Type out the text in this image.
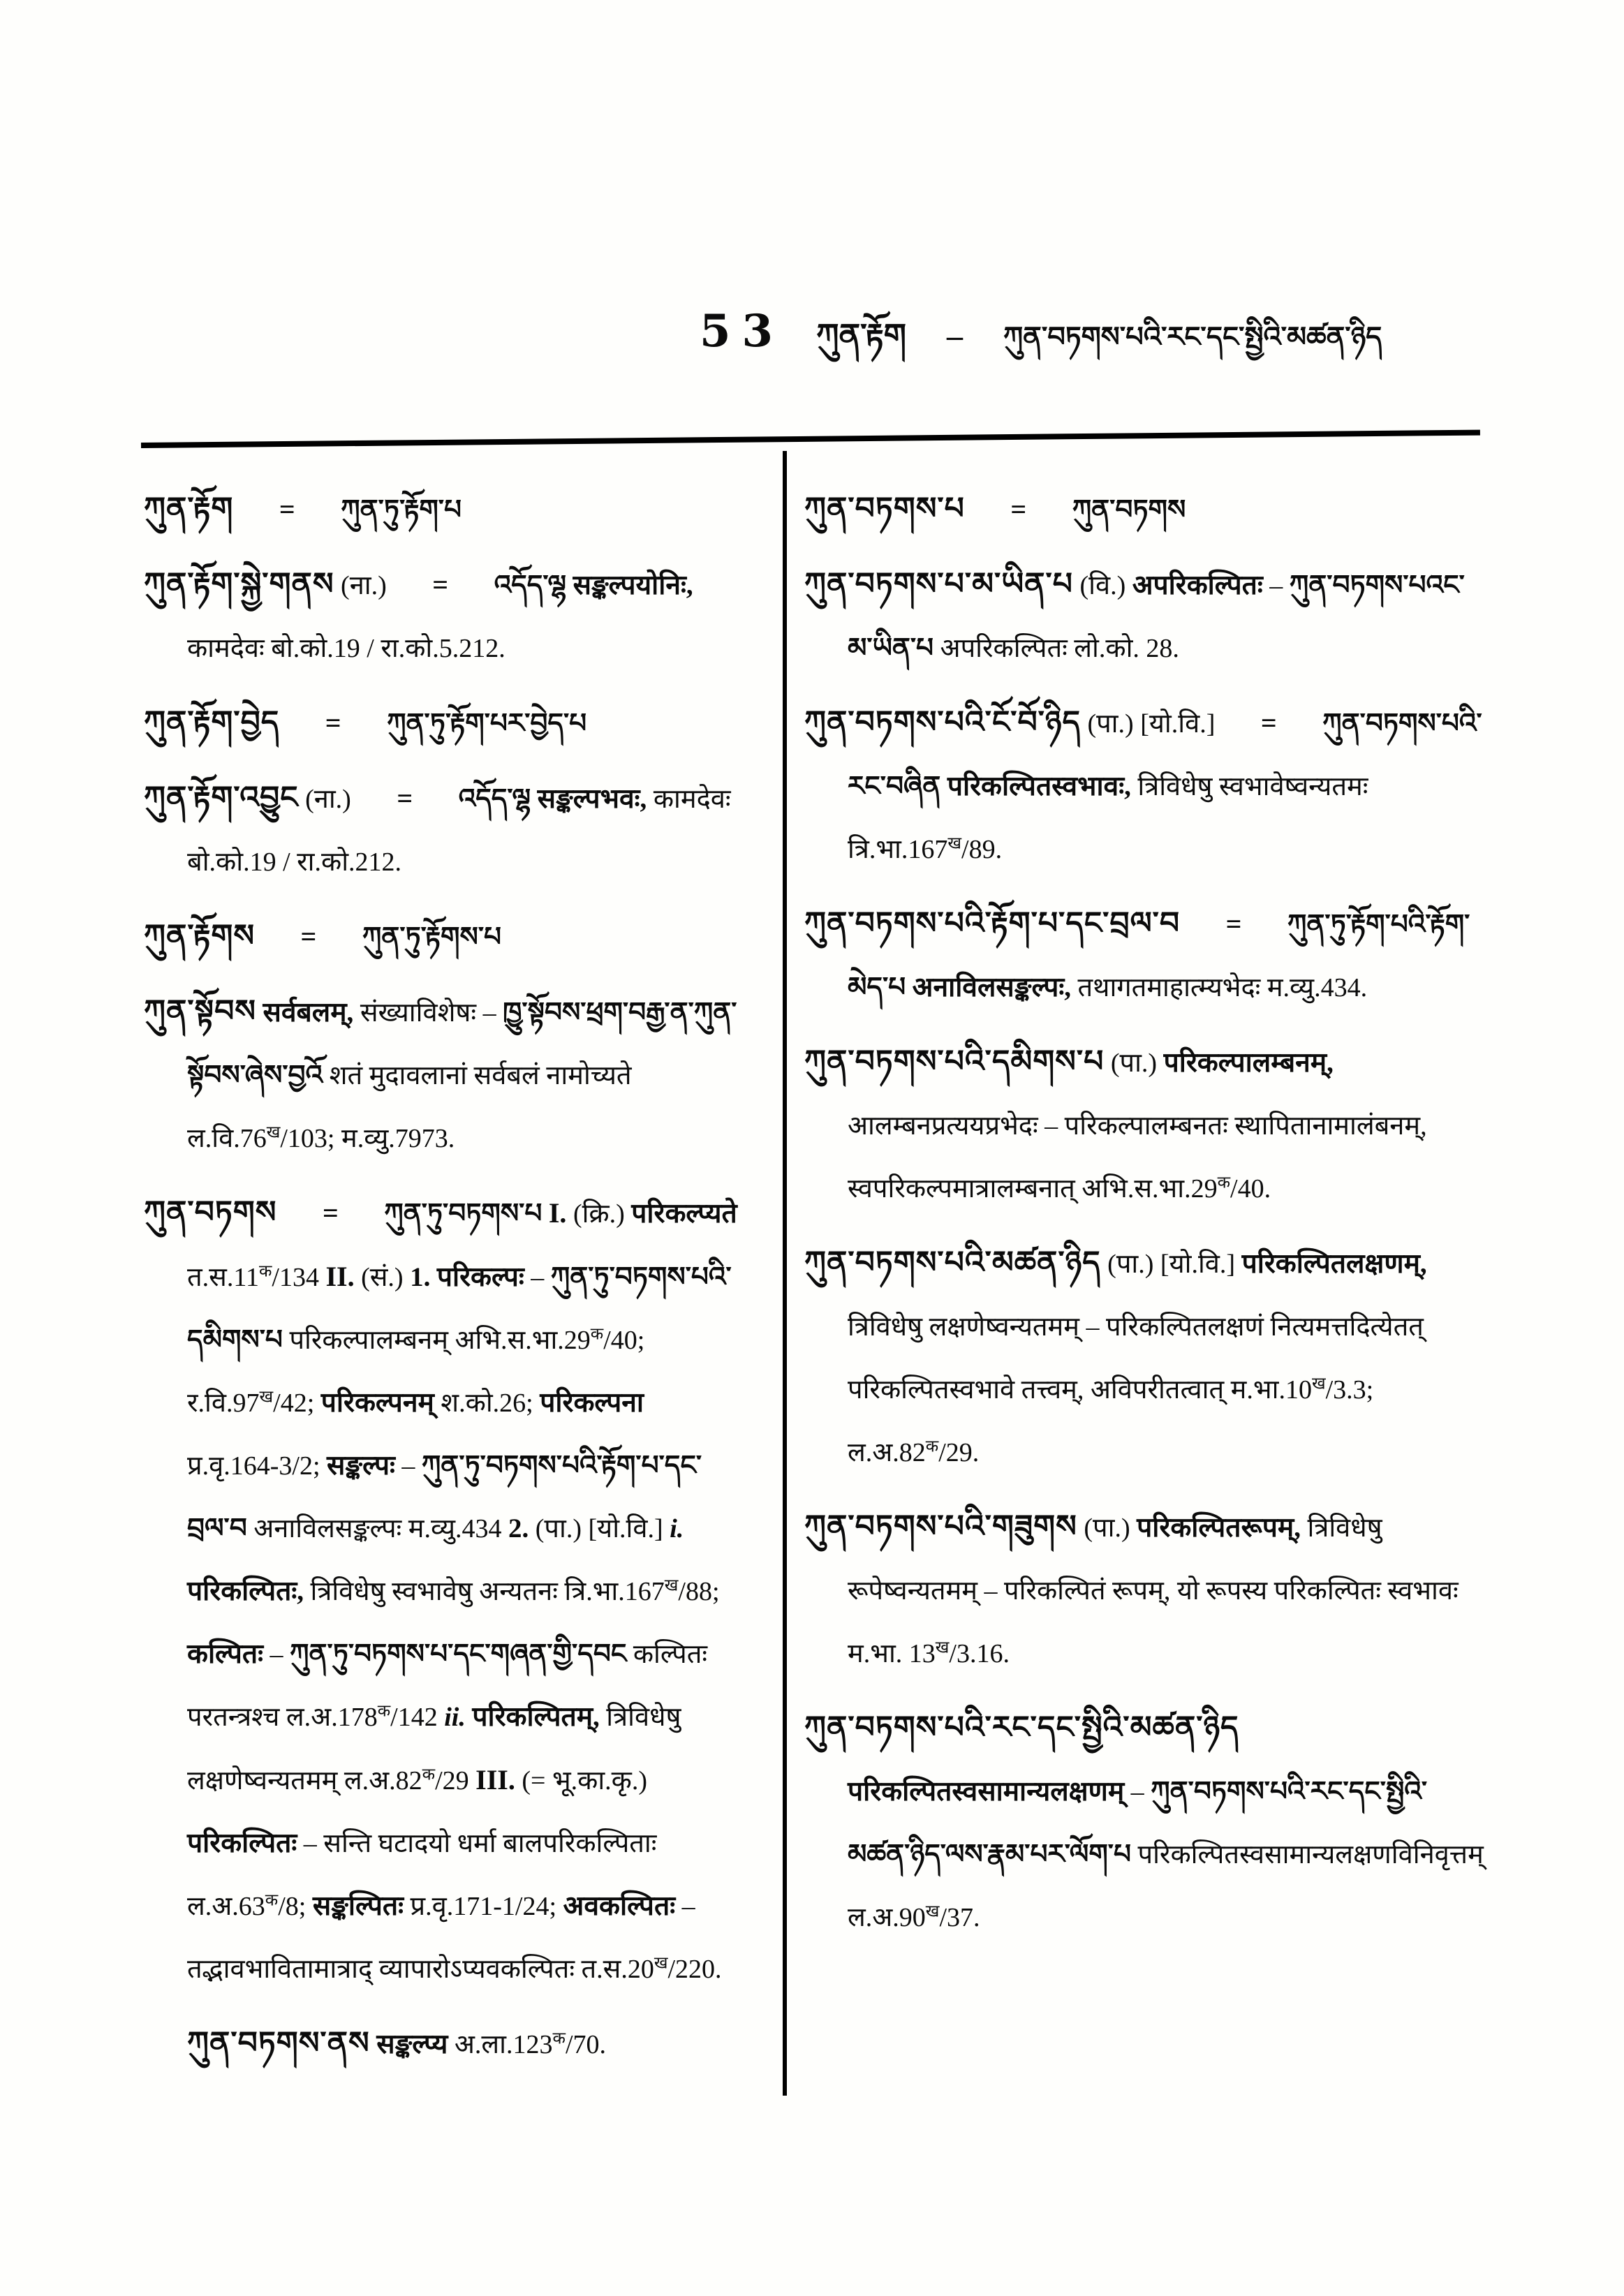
53 ཀུན་རྟོག – ཀུན་བཏགས་པའི་རང་དང་སྤྱིའི་མཚན་ཉིད

ཀུན་རྟོག = ཀུན་ཏུ་རྟོག་པ

ཀུན་རྟོག་སྐྱེ་གནས (ना.) = འདོད་ལྷ सङ्कल्पयोनिः, कामदेवः बो.को.19 / रा.को.5.212.

ཀུན་རྟོག་བྱེད = ཀུན་ཏུ་རྟོག་པར་བྱེད་པ

ཀུན་རྟོག་འབྱུང (ना.) = འདོད་ལྷ सङ्कल्पभवः, कामदेवः बो.को.19 / रा.को.212.

ཀུན་རྟོགས = ཀུན་ཏུ་རྟོགས་པ

ཀུན་སྟོབས सर्वबलम्, संख्याविशेषः – ཁྱུ་སྟོབས་ཕྲག་བརྒྱ་ན་ཀུན་སྟོབས་ཞེས་བྱའོ शतं मुदावलानां सर्वबलं नामोच्यते $ल.वि.76^ख/103$; म.व्यु.7973.

ཀུན་བཏགས = ཀུན་ཏུ་བཏགས་པ I. (क्रि.) परिकल्प्यते $त.स.11^क/134$ II. (सं.) 1. परिकल्पः – ཀུན་ཏུ་བཏགས་པའི་དམིགས་པ परिकल्पालम्बनम् $अभि.स.भा.29^क/40$; $र.वि.97^ख/42$; परिकल्पनम् श.को.26; परिकल्पना प्र.वृ.164-3/2; सङ्कल्पः – ཀུན་ཏུ་བཏགས་པའི་རྟོག་པ་དང་བྲལ་བ अनाविलसङ्कल्पः म.व्यु.434 2. (पा.) [यो.वि.] i. परिकल्पितः, त्रिविधेषु स्वभावेषु अन्यतनः $त्रि.भा.167^ख/88$; कल्पितः – ཀུན་ཏུ་བཏགས་པ་དང་གཞན་གྱི་དབང कल्पितः परतन्त्रश्च $ल.अ.178^क/142$ ii. परिकल्पितम्, त्रिविधेषु लक्षणेष्वन्यतमम् $ल.अ.82^क/29$ III. (= भू.का.कृ.) परिकल्पितः – सन्ति घटादयो धर्मा बालपरिकल्पिताः $ल.अ.63^क/8$; सङ्कल्पितः प्र.वृ.171-1/24; अवकल्पितः – तद्भावभावितामात्राद् व्यापारोऽप्यवकल्पितः $त.स.20^ख/220$.

ཀུན་བཏགས་ནས सङ्कल्प्य $अ.ला.123^क/70$.

ཀུན་བཏགས་པ = ཀུན་བཏགས

ཀུན་བཏགས་པ་མ་ཡིན་པ (वि.) अपरिकल्पितः – ཀུན་བཏགས་པའང་མ་ཡིན་པ अपरिकल्पितः लो.को. 28.

ཀུན་བཏགས་པའི་ངོ་བོ་ཉིད (पा.) [यो.वि.] = ཀུན་བཏགས་པའི་རང་བཞིན परिकल्पितस्वभावः, त्रिविधेषु स्वभावेष्वन्यतमः $त्रि.भा.167^ख/89$.

ཀུན་བཏགས་པའི་རྟོག་པ་དང་བྲལ་བ = ཀུན་ཏུ་རྟོག་པའི་རྟོག་མེད་པ अनाविलसङ्कल्पः, तथागतमाहात्म्यभेदः म.व्यु.434.

ཀུན་བཏགས་པའི་དམིགས་པ (पा.) परिकल्पालम्बनम्, आलम्बनप्रत्ययप्रभेदः – परिकल्पालम्बनतः स्थापितानामालंबनम्, स्वपरिकल्पमात्रालम्बनात् $अभि.स.भा.29^क/40$.

ཀུན་བཏགས་པའི་མཚན་ཉིད (पा.) [यो.वि.] परिकल्पितलक्षणम्, त्रिविधेषु लक्षणेष्वन्यतमम् – परिकल्पितलक्षणं नित्यमत्तदित्येतत् परिकल्पितस्वभावे तत्त्वम्, अविपरीतत्वात् $म.भा.10^ख/3.3$; $ल.अ.82^क/29$.

ཀུན་བཏགས་པའི་གཟུགས (पा.) परिकल्पितरूपम्, त्रिविधेषु रूपेष्वन्यतमम् – परिकल्पितं रूपम्, यो रूपस्य परिकल्पितः स्वभावः म.भा. $13^ख/3.16$.

ཀུན་བཏགས་པའི་རང་དང་སྤྱིའི་མཚན་ཉིད परिकल्पितस्वसामान्यलक्षणम् – ཀུན་བཏགས་པའི་རང་དང་སྤྱིའི་མཚན་ཉིད་ལས་རྣམ་པར་ལོག་པ परिकल्पितस्वसामान्यलक्षणविनिवृत्तम् $ल.अ.90^ख/37$.
